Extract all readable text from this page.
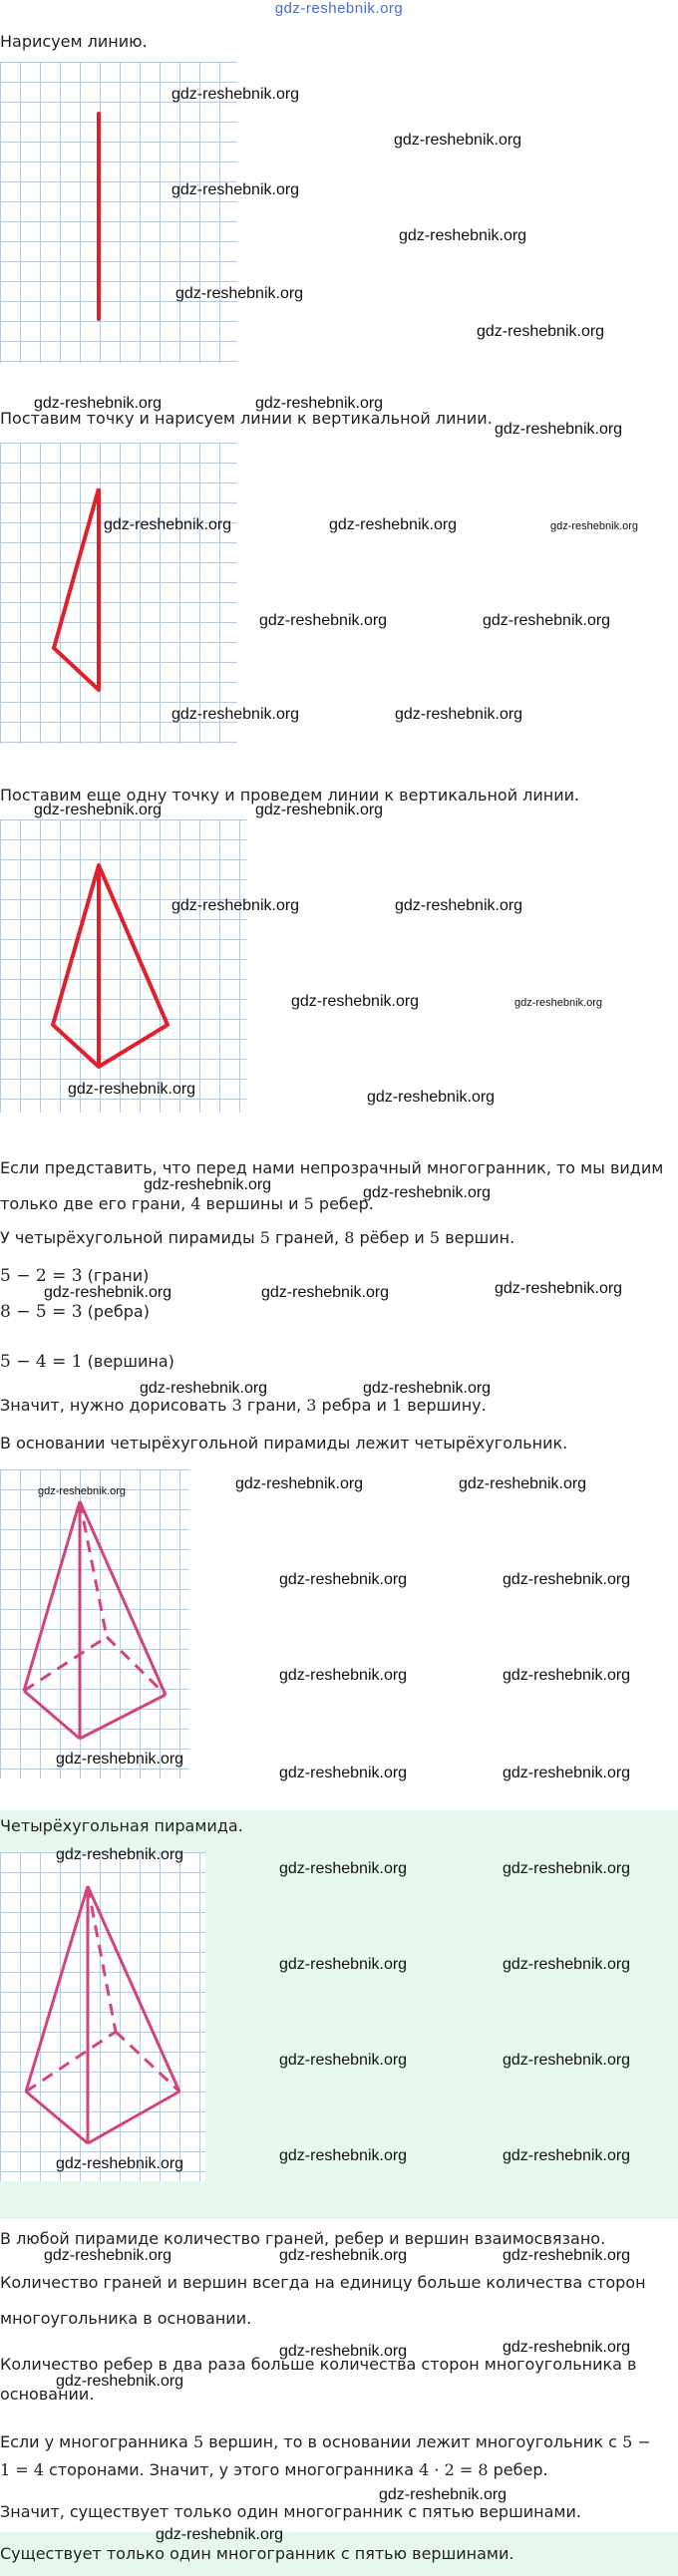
gdz-reshebnik.org

Нарисуем линию.

Поставим точку и нарисуем линии к вертикальной линии.

Поставим еще одну точку и проведем линии к вертикальной линии.

Если представить, что перед нами непрозрачный многогранник, то мы видим

только две его грани, 4 вершины и 5 ребер.

У четырёхугольной пирамиды 5 граней, 8 рёбер и 5 вершин.

5 − 2 = 3 (грани)

8 − 5 = 3 (ребра)

5 − 4 = 1 (вершина)

Значит, нужно дорисовать 3 грани, 3 ребра и 1 вершину.

В основании четырёхугольной пирамиды лежит четырёхугольник.

Четырёхугольная пирамида.

В любой пирамиде количество граней, ребер и вершин взаимосвязано.

Количество граней и вершин всегда на единицу больше количества сторон

многоугольника в основании.

Количество ребер в два раза больше количества сторон многоугольника в

основании.

Если у многогранника 5 вершин, то в основании лежит многоугольник с 5 −

1 = 4 сторонами. Значит, у этого многогранника 4 · 2 = 8 ребер.

Значит, существует только один многогранник с пятью вершинами.

Существует только один многогранник с пятью вершинами.

gdz-reshebnik.org
gdz-reshebnik.org
gdz-reshebnik.org
gdz-reshebnik.org
gdz-reshebnik.org
gdz-reshebnik.org
gdz-reshebnik.org	gdz-reshebnik.org
gdz-reshebnik.org
gdz-reshebnik.org	gdz-reshebnik.org	gdz-reshebnik.org
gdz-reshebnik.org	gdz-reshebnik.org
gdz-reshebnik.org	gdz-reshebnik.org
gdz-reshebnik.org	gdz-reshebnik.org
gdz-reshebnik.org	gdz-reshebnik.org
gdz-reshebnik.org	gdz-reshebnik.org
gdz-reshebnik.org	gdz-reshebnik.org
gdz-reshebnik.org	gdz-reshebnik.org
gdz-reshebnik.org	gdz-reshebnik.org	gdz-reshebnik.org
gdz-reshebnik.org	gdz-reshebnik.org
gdz-reshebnik.org	gdz-reshebnik.org	gdz-reshebnik.org
gdz-reshebnik.org	gdz-reshebnik.org
gdz-reshebnik.org	gdz-reshebnik.org
gdz-reshebnik.org
gdz-reshebnik.org	gdz-reshebnik.org
gdz-reshebnik.org
gdz-reshebnik.org	gdz-reshebnik.org
gdz-reshebnik.org	gdz-reshebnik.org
gdz-reshebnik.org	gdz-reshebnik.org
gdz-reshebnik.org	gdz-reshebnik.org
gdz-reshebnik.org
gdz-reshebnik.org	gdz-reshebnik.org	gdz-reshebnik.org
gdz-reshebnik.org	gdz-reshebnik.org
gdz-reshebnik.org
gdz-reshebnik.org
gdz-reshebnik.org
